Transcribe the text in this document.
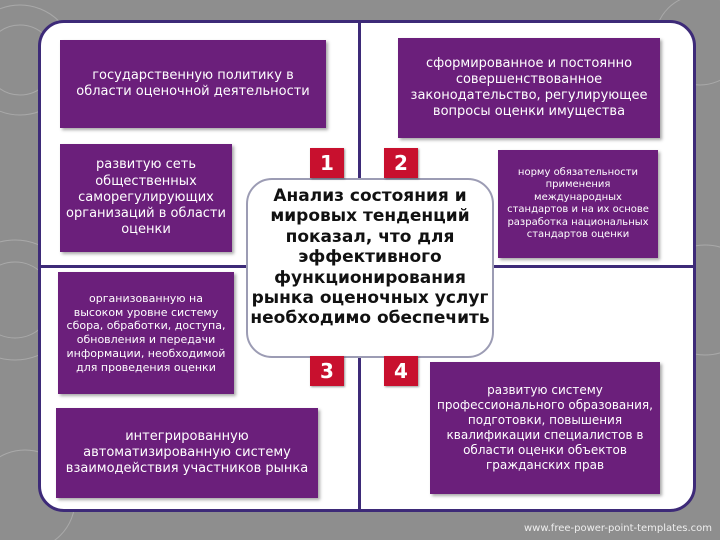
государственную политику в области оценочной деятельности
сформированное и постоянно совершенствованное законодательство, регулирующее вопросы оценки имущества
развитую сеть общественных саморегулирующих организаций в области оценки
организованную на высоком уровне систему сбора, обработки, доступа, обновления и передачи информации, необходимой для проведения оценки
норму обязательности применения международных стандартов и на их основе разработка национальных стандартов оценки
интегрированную автоматизированную систему взаимодействия участников рынка
развитую систему профессионального образования, подготовки, повышения квалификации специалистов в области оценки объектов гражданских прав
Анализ состояния и мировых тенденций показал, что для эффективного функционирования рынка оценочных услуг необходимо обеспечить
1	2
3	4
www.free-power-point-templates.com
